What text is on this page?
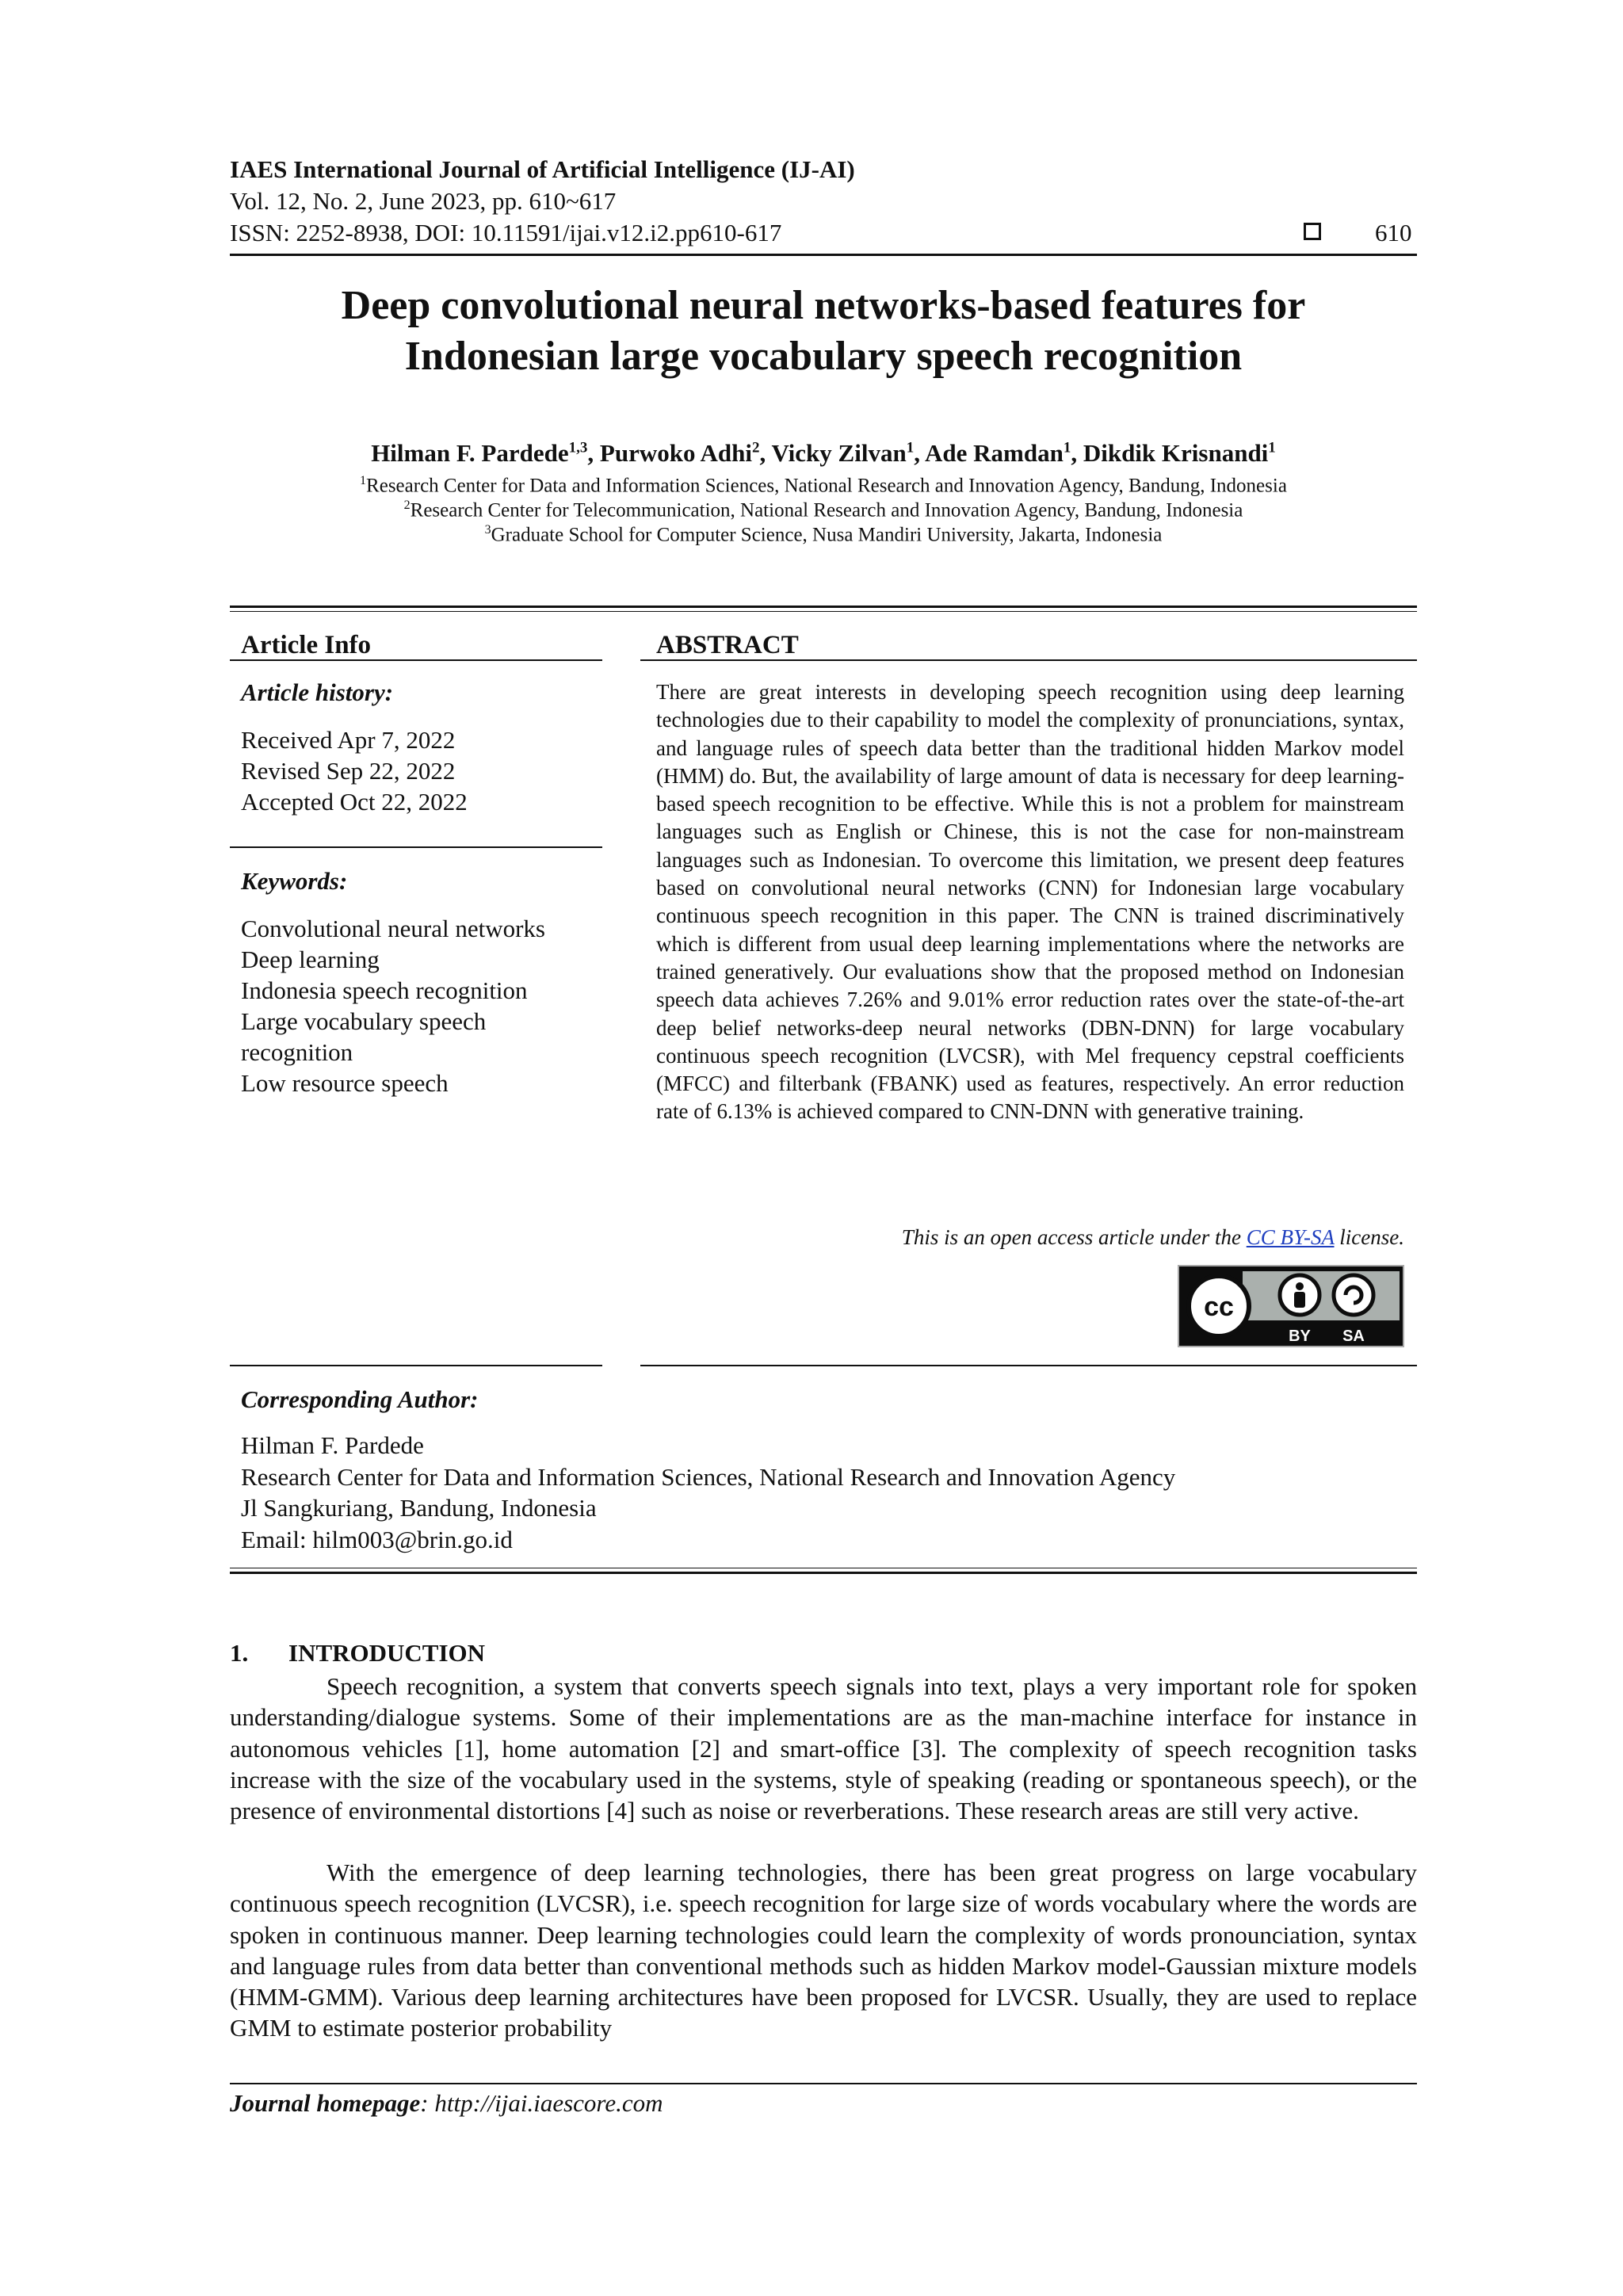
IAES International Journal of Artificial Intelligence (IJ-AI)
Vol. 12, No. 2, June 2023, pp. 610~617
ISSN: 2252-8938, DOI: 10.11591/ijai.v12.i2.pp610-617	610
Deep convolutional neural networks-based features for
Indonesian large vocabulary speech recognition
Hilman F. Pardede$^{1,3}$, Purwoko Adhi$^2$, Vicky Zilvan$^1$, Ade Ramdan$^1$, Dikdik Krisnandi$^1$
$^1$Research Center for Data and Information Sciences, National Research and Innovation Agency, Bandung, Indonesia
$^2$Research Center for Telecommunication, National Research and Innovation Agency, Bandung, Indonesia
$^3$Graduate School for Computer Science, Nusa Mandiri University, Jakarta, Indonesia
Article Info
Article history:
Received Apr 7, 2022
Revised Sep 22, 2022
Accepted Oct 22, 2022
Keywords:
Convolutional neural networks
Deep learning
Indonesia speech recognition
Large vocabulary speech
recognition
Low resource speech
ABSTRACT
There are great interests in developing speech recognition using deep learning technologies due to their capability to model the complexity of pronunciations, syntax, and language rules of speech data better than the traditional hidden Markov model (HMM) do. But, the availability of large amount of data is necessary for deep learning-based speech recognition to be effective. While this is not a problem for mainstream languages such as English or Chinese, this is not the case for non-mainstream languages such as Indonesian. To overcome this limitation, we present deep features based on convolutional neural networks (CNN) for Indonesian large vocabulary continuous speech recognition in this paper. The CNN is trained discriminatively which is different from usual deep learning implementations where the networks are trained generatively. Our evaluations show that the proposed method on Indonesian speech data achieves 7.26% and 9.01% error reduction rates over the state-of-the-art deep belief networks-deep neural networks (DBN-DNN) for large vocabulary continuous speech recognition (LVCSR), with Mel frequency cepstral coefficients (MFCC) and filterbank (FBANK) used as features, respectively. An error reduction rate of 6.13% is achieved compared to CNN-DNN with generative training.
This is an open access article under the CC BY-SA license.
cc
BY SA
Corresponding Author:
Hilman F. Pardede
Research Center for Data and Information Sciences, National Research and Innovation Agency
Jl Sangkuriang, Bandung, Indonesia
Email: hilm003@brin.go.id
1. INTRODUCTION
Speech recognition, a system that converts speech signals into text, plays a very important role for spoken understanding/dialogue systems. Some of their implementations are as the man-machine interface for instance in autonomous vehicles [1], home automation [2] and smart-office [3]. The complexity of speech recognition tasks increase with the size of the vocabulary used in the systems, style of speaking (reading or spontaneous speech), or the presence of environmental distortions [4] such as noise or reverberations. These research areas are still very active.
With the emergence of deep learning technologies, there has been great progress on large vocabulary continuous speech recognition (LVCSR), i.e. speech recognition for large size of words vocabulary where the words are spoken in continuous manner. Deep learning technologies could learn the complexity of words pronounciation, syntax and language rules from data better than conventional methods such as hidden Markov model-Gaussian mixture models (HMM-GMM). Various deep learning architectures have been proposed for LVCSR. Usually, they are used to replace GMM to estimate posterior probability
Journal homepage: http://ijai.iaescore.com
